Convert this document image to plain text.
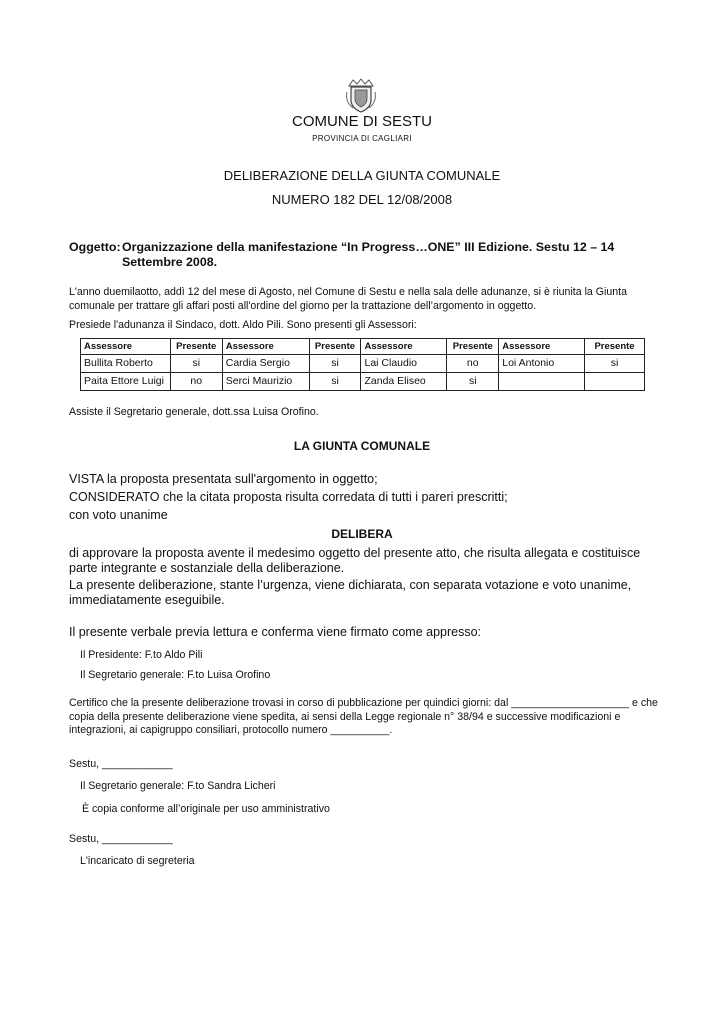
COMUNE DI SESTU
PROVINCIA DI CAGLIARI
DELIBERAZIONE DELLA GIUNTA COMUNALE
NUMERO 182 DEL 12/08/2008
Oggetto:Organizzazione della manifestazione “In Progress…ONE” III Edizione. Sestu 12 – 14
Settembre 2008.
L'anno duemilaotto, addì 12 del mese di Agosto, nel Comune di Sestu e nella sala delle adunanze, si è riunita la Giunta comunale per trattare gli affari posti all'ordine del giorno per la trattazione dell’argomento in oggetto.
Presiede l'adunanza il Sindaco, dott. Aldo Pili. Sono presenti gli Assessori:
Assessore	Presente	Assessore	Presente	Assessore	Presente	Assessore	Presente
Bullita Roberto	si	Cardia Sergio	si	Lai Claudio	no	Loi Antonio	si
Paita Ettore Luigi	no	Serci Maurizio	si	Zanda Eliseo	si		
Assiste il Segretario generale, dott.ssa Luisa Orofino.
LA GIUNTA COMUNALE
VISTA la proposta presentata sull'argomento in oggetto;
CONSIDERATO che la citata proposta risulta corredata di tutti i pareri prescritti;
con voto unanime
DELIBERA
di approvare la proposta avente il medesimo oggetto del presente atto, che risulta allegata e costituisce parte integrante e sostanziale della deliberazione.
La presente deliberazione, stante l’urgenza, viene dichiarata, con separata votazione e voto unanime, immediatamente eseguibile.
Il presente verbale previa lettura e conferma viene firmato come appresso:
Il Presidente: F.to Aldo Pili
Il Segretario generale: F.to Luisa Orofino
Certifico che la presente deliberazione trovasi in corso di pubblicazione per quindici giorni: dal ____________________ e che copia della presente deliberazione viene spedita, ai sensi della Legge regionale n° 38/94 e successive modificazioni e integrazioni, ai capigruppo consiliari, protocollo numero __________.
Sestu, ____________
Il Segretario generale: F.to Sandra Licheri
È copia conforme all’originale per uso amministrativo
Sestu, ____________
L'incaricato di segreteria
